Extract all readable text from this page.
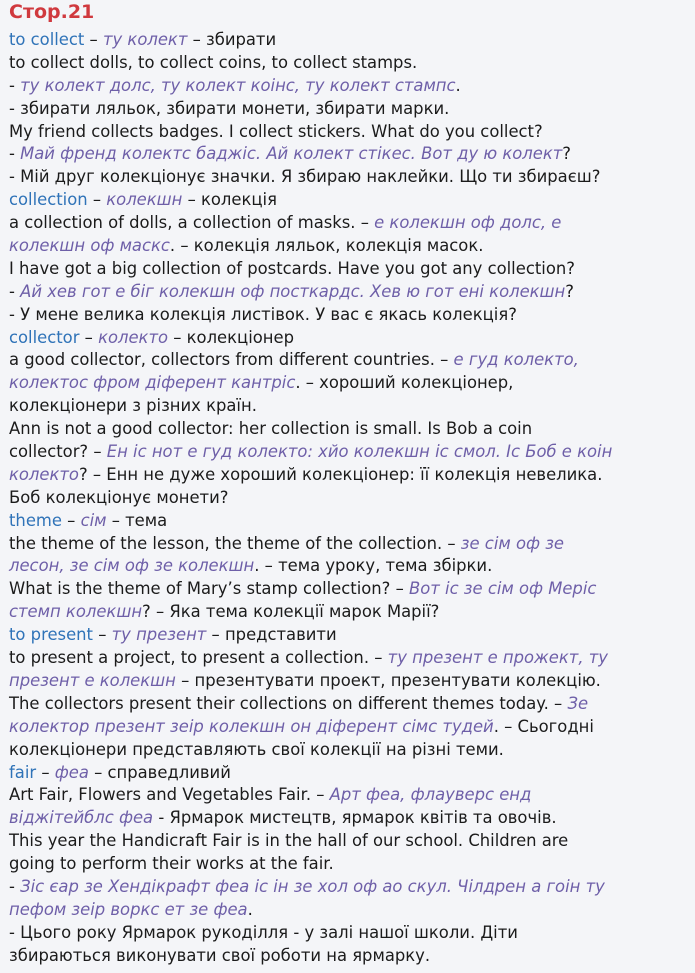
Стор.21
to collect – ту колект – збирати
to collect dolls, to collect coins, to collect stamps.
- ту колект долс, ту колект коінс, ту колект стампс.
- збирати ляльок, збирати монети, збирати марки.
My friend collects badges. I collect stickers. What do you collect?
- Май френд колектс баджіс. Ай колект стікес. Вот ду ю колект?
- Мій друг колекціонує значки. Я збираю наклейки. Що ти збираєш?
collection – колекшн – колекція
a collection of dolls, a collection of masks. – е колекшн оф долс, е
колекшн оф маскс. – колекція ляльок, колекція масок.
I have got a big collection of postcards. Have you got any collection?
- Ай хев гот е біг колекшн оф посткардс. Хев ю гот ені колекшн?
- У мене велика колекція листівок. У вас є якась колекція?
collector – колекто – колекціонер
a good collector, collectors from different countries. – е гуд колекто,
колектос фром діферент кантріс. – хороший колекціонер,
колекціонери з різних країн.
Ann is not a good collector: her collection is small. Is Bob a coin
collector? – Ен іс нот е гуд колекто: хйо колекшн іс смол. Іс Боб е коін
колекто? – Енн не дуже хороший колекціонер: її колекція невелика.
Боб колекціонує монети?
theme – сім – тема
the theme of the lesson, the theme of the collection. – зе сім оф зе
лесон, зе сім оф зе колекшн. – тема уроку, тема збірки.
What is the theme of Mary’s stamp collection? – Вот іс зе сім оф Меріс
стемп колекшн? – Яка тема колекції марок Марії?
to present – ту презент – представити
to present a project, to present a collection. – ту презент е прожект, ту
презент е колекшн – презентувати проект, презентувати колекцію.
The collectors present their collections on different themes today. – Зе
колектор презент зеір колекшн он діферент сімс тудей. – Сьогодні
колекціонери представляють свої колекції на різні теми.
fair – феа – справедливий
Art Fair, Flowers and Vegetables Fair. – Арт феа, флауверс енд
віджітейблс феа - Ярмарок мистецтв, ярмарок квітів та овочів.
This year the Handicraft Fair is in the hall of our school. Children are
going to perform their works at the fair.
- Зіс єар зе Хендікрафт феа іс ін зе хол оф ао скул. Чілдрен а гоін ту
пефом зеір воркс ет зе феа.
- Цього року Ярмарок рукоділля - у залі нашої школи. Діти
збираються виконувати свої роботи на ярмарку.
